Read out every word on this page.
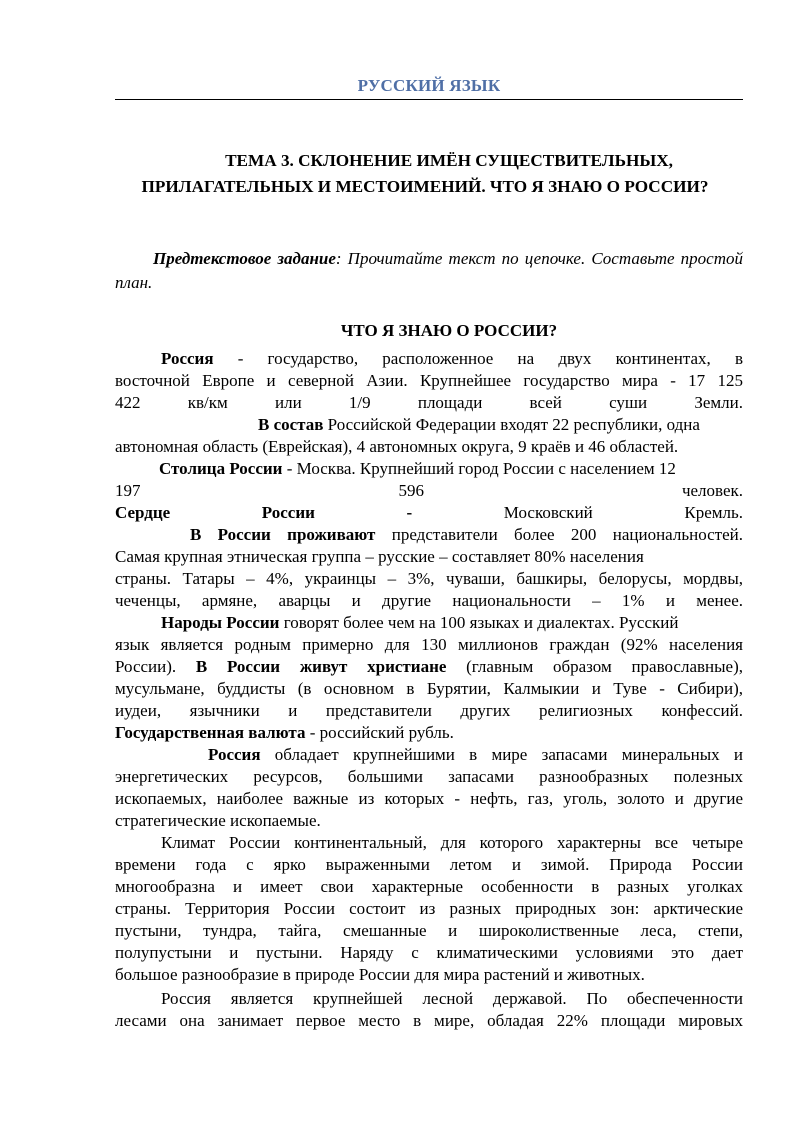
РУССКИЙ ЯЗЫК
ТЕМА 3. СКЛОНЕНИЕ ИМЁН СУЩЕСТВИТЕЛЬНЫХ,
ПРИЛАГАТЕЛЬНЫХ И МЕСТОИМЕНИЙ. ЧТО Я ЗНАЮ О РОССИИ?
Предтекстовое задание: Прочитайте текст по цепочке. Составьте простой план.
ЧТО Я ЗНАЮ О РОССИИ?
Россия - государство, расположенное на двух континентах, в
восточной Европе и северной Азии. Крупнейшее государство мира - 17 125
422 кв/км или 1/9 площади всей суши Земли.
В состав Российской Федерации входят 22 республики, одна
автономная область (Еврейская), 4 автономных округа, 9 краёв и 46 областей.
Столица России - Москва. Крупнейший город России с населением 12
197 596 человек.
Сердце России - Московский Кремль.
В России проживают представители более 200 национальностей.
Самая крупная этническая группа – русские – составляет 80% населения
страны. Татары – 4%, украинцы – 3%, чуваши, башкиры, белорусы, мордвы,
чеченцы, армяне, аварцы и другие национальности – 1% и менее.
Народы России говорят более чем на 100 языках и диалектах. Русский
язык является родным примерно для 130 миллионов граждан (92% населения
России). В России живут христиане (главным образом православные),
мусульмане, буддисты (в основном в Бурятии, Калмыкии и Туве - Сибири),
иудеи, язычники и представители других религиозных конфессий.
Государственная валюта - российский рубль.
Россия обладает крупнейшими в мире запасами минеральных и
энергетических ресурсов, большими запасами разнообразных полезных
ископаемых, наиболее важные из которых - нефть, газ, уголь, золото и другие
стратегические ископаемые.
Климат России континентальный, для которого характерны все четыре
времени года с ярко выраженными летом и зимой. Природа России
многообразна и имеет свои характерные особенности в разных уголках
страны. Территория России состоит из разных природных зон: арктические
пустыни, тундра, тайга, смешанные и широколиственные леса, степи,
полупустыни и пустыни. Наряду с климатическими условиями это дает
большое разнообразие в природе России для мира растений и животных.
Россия является крупнейшей лесной державой. По обеспеченности
лесами она занимает первое место в мире, обладая 22% площади мировых
